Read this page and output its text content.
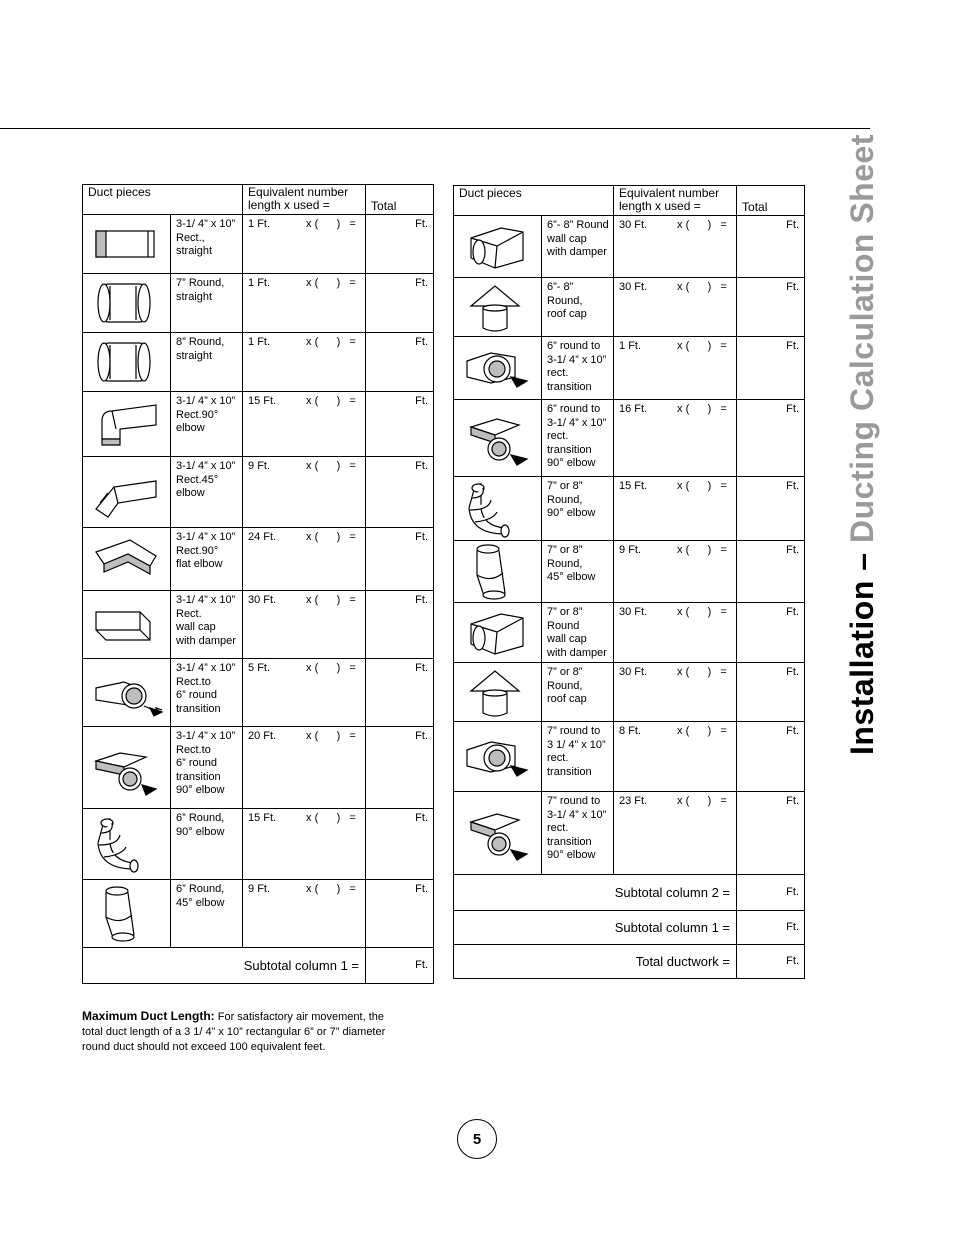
Installation – Ducting Calculation Sheet
Duct pieces		Equivalent number
length x used =	Total

	3-1/ 4” x 10”
Rect.,
straight	1 Ft. x (      )   =	Ft.

	7” Round,
straight	1 Ft. x (      )   =	Ft.

	8” Round,
straight	1 Ft. x (      )   =	Ft.

	3-1/ 4” x 10”
Rect.90°
elbow	15 Ft. x (      )   =	Ft.

	3-1/ 4” x 10”
Rect.45°
elbow	9 Ft. x (      )   =	Ft.

	3-1/ 4” x 10”
Rect.90°
flat elbow	24 Ft. x (      )   =	Ft.

	3-1/ 4” x 10”
Rect.
wall cap
with damper	30 Ft. x (      )   =	Ft.

	3-1/ 4” x 10”
Rect.to
6” round
transition	5 Ft. x (      )   =	Ft.

	3-1/ 4” x 10”
Rect.to
6” round
transition
90° elbow	20 Ft. x (      )   =	Ft.

	6” Round,
90° elbow	15 Ft. x (      )   =	Ft.

	6” Round,
45° elbow	9 Ft. x (      )   =	Ft.
Subtotal column 1 =			Ft.
Duct pieces		Equivalent number
length x used =	Total

	6”- 8” Round
wall cap
with damper	30 Ft. x (      )   =	Ft.

	6”- 8” Round,
roof cap	30 Ft. x (      )   =	Ft.

	6” round to
3-1/ 4” x 10”
rect.
transition	1 Ft. x (      )   =	Ft.

	6” round to
3-1/ 4” x 10”
rect.
transition
90° elbow	16 Ft. x (      )   =	Ft.

	7” or 8”
Round,
90° elbow	15 Ft. x (      )   =	Ft.

	7” or 8”
Round,
45° elbow	9 Ft. x (      )   =	Ft.

	7” or 8”
Round
wall cap
with damper	30 Ft. x (      )   =	Ft.

	7” or 8”
Round,
roof cap	30 Ft. x (      )   =	Ft.

	7” round to
3 1/ 4” x 10”
rect.
transition	8 Ft. x (      )   =	Ft.

	7” round to
3-1/ 4” x 10”
rect.
transition
90° elbow	23 Ft. x (      )   =	Ft.
Subtotal column 2 =			Ft.
Subtotal column 1 =			Ft.
Total ductwork =			Ft.
Maximum Duct Length: For satisfactory air movement, the total duct length of a 3 1/ 4” x 10” rectangular 6” or 7” diameter round duct should not exceed 100 equivalent feet.
5
